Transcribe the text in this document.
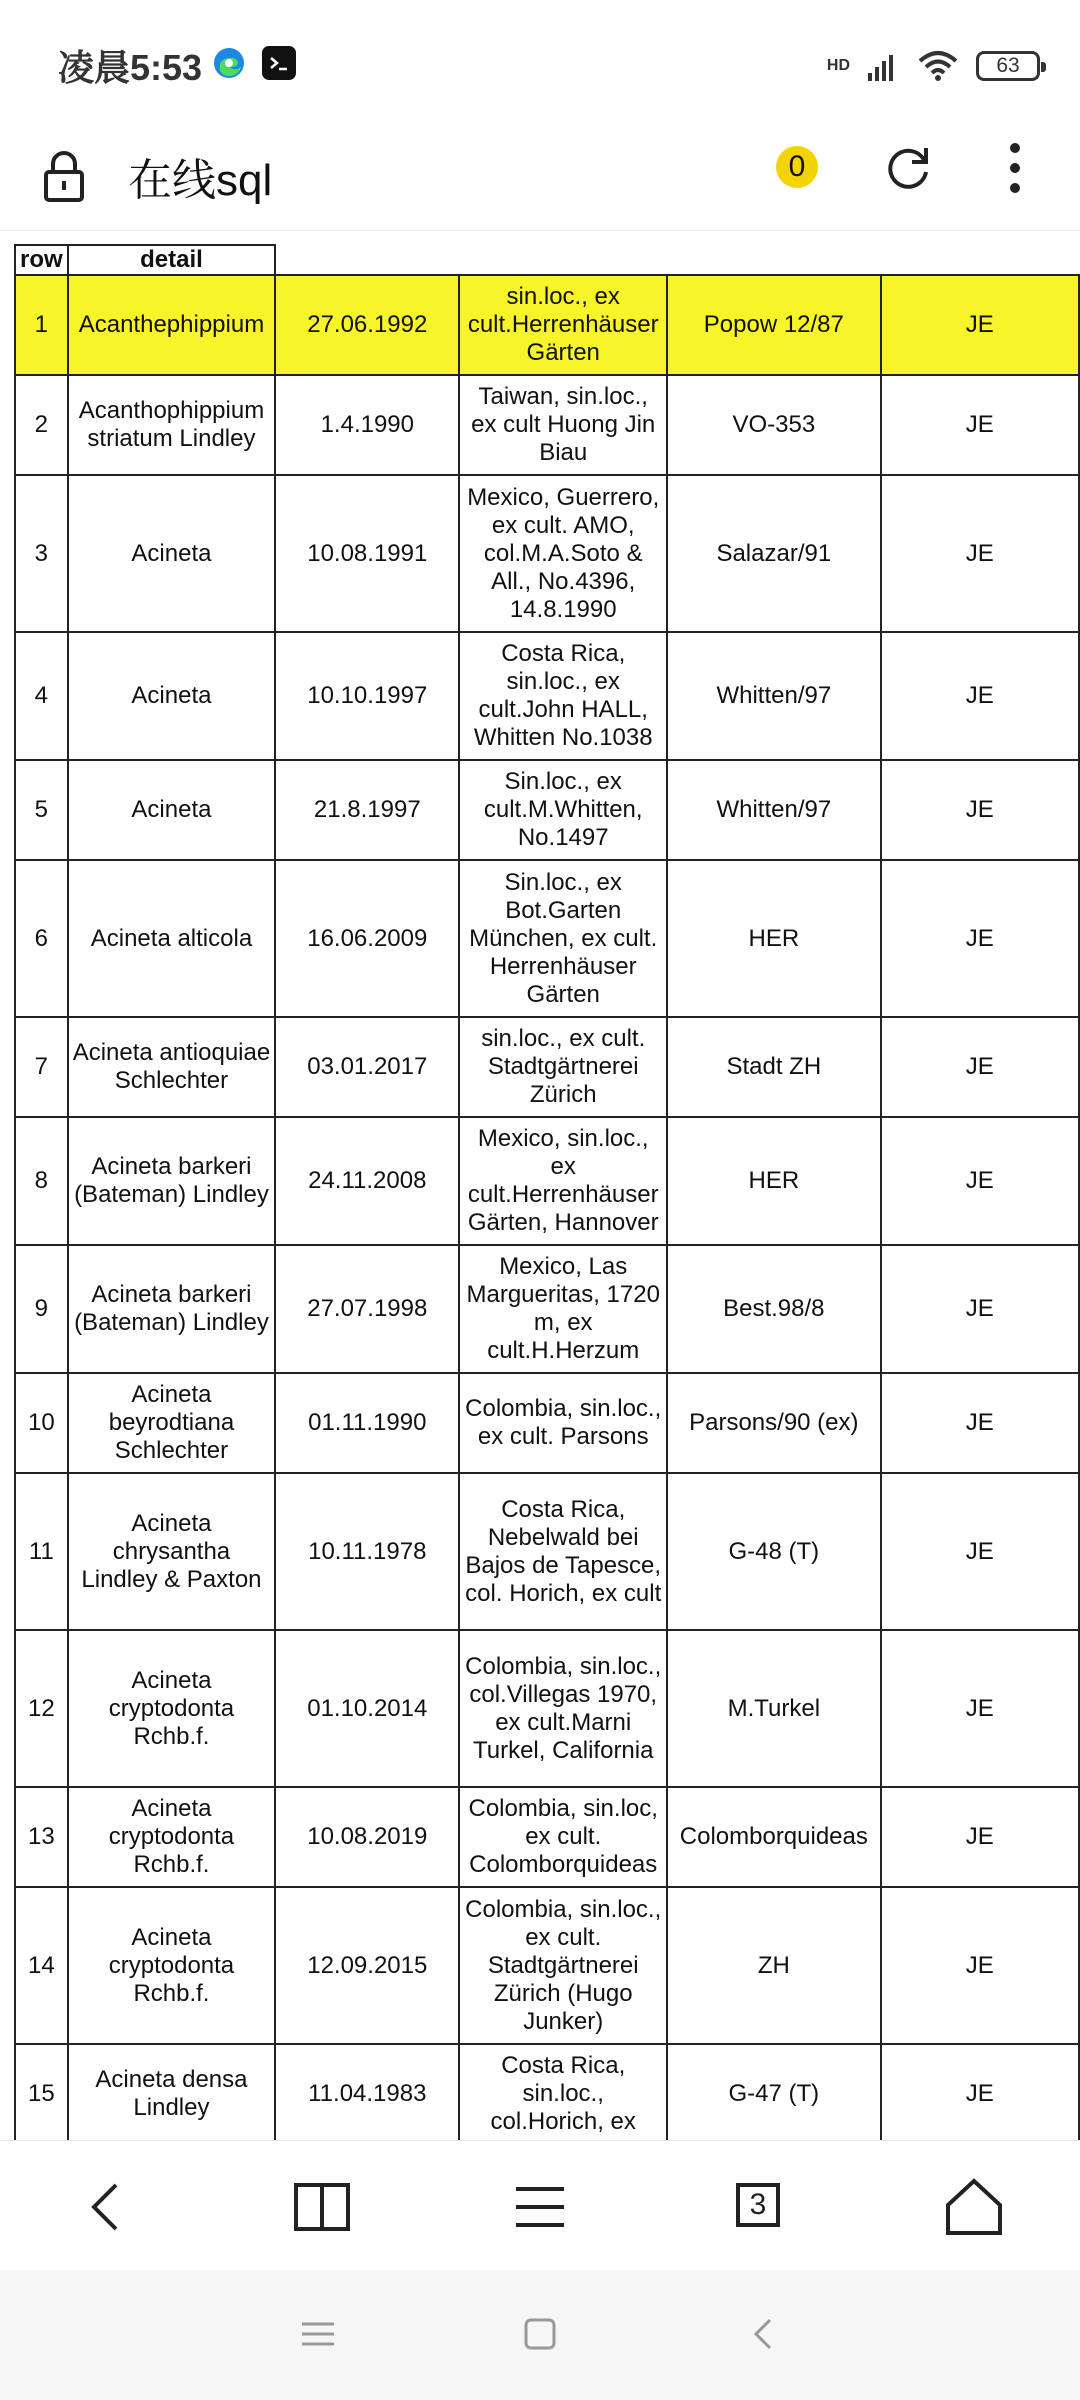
凌晨5:53	HD	63
在线sql	0
row	detail				
1	Acanthephippium	27.06.1992	sin.loc., ex cult.Herrenhäuser Gärten	Popow 12/87	JE
2	Acanthophippium striatum Lindley	1.4.1990	Taiwan, sin.loc., ex cult Huong Jin Biau	VO-353	JE
3	Acineta	10.08.1991	Mexico, Guerrero, ex cult. AMO, col.M.A.Soto & All., No.4396, 14.8.1990	Salazar/91	JE
4	Acineta	10.10.1997	Costa Rica, sin.loc., ex cult.John HALL, Whitten No.1038	Whitten/97	JE
5	Acineta	21.8.1997	Sin.loc., ex cult.M.Whitten, No.1497	Whitten/97	JE
6	Acineta alticola	16.06.2009	Sin.loc., ex Bot.Garten München, ex cult. Herrenhäuser Gärten	HER	JE
7	Acineta antioquiae Schlechter	03.01.2017	sin.loc., ex cult. Stadtgärtnerei Zürich	Stadt ZH	JE
8	Acineta barkeri (Bateman) Lindley	24.11.2008	Mexico, sin.loc., ex cult.Herrenhäuser Gärten, Hannover	HER	JE
9	Acineta barkeri (Bateman) Lindley	27.07.1998	Mexico, Las Margueritas, 1720 m, ex cult.H.Herzum	Best.98/8	JE
10	Acineta beyrodtiana Schlechter	01.11.1990	Colombia, sin.loc., ex cult. Parsons	Parsons/90 (ex)	JE
11	Acineta chrysantha Lindley & Paxton	10.11.1978	Costa Rica, Nebelwald bei Bajos de Tapesce, col. Horich, ex cult	G-48 (T)	JE
12	Acineta cryptodonta Rchb.f.	01.10.2014	Colombia, sin.loc., col.Villegas 1970, ex cult.Marni Turkel, California	M.Turkel	JE
13	Acineta cryptodonta Rchb.f.	10.08.2019	Colombia, sin.loc, ex cult. Colomborquideas	Colomborquideas	JE
14	Acineta cryptodonta Rchb.f.	12.09.2015	Colombia, sin.loc., ex cult. Stadtgärtnerei Zürich (Hugo Junker)	ZH	JE
15	Acineta densa Lindley	11.04.1983	Costa Rica, sin.loc., col.Horich, ex	G-47 (T)	JE
3
